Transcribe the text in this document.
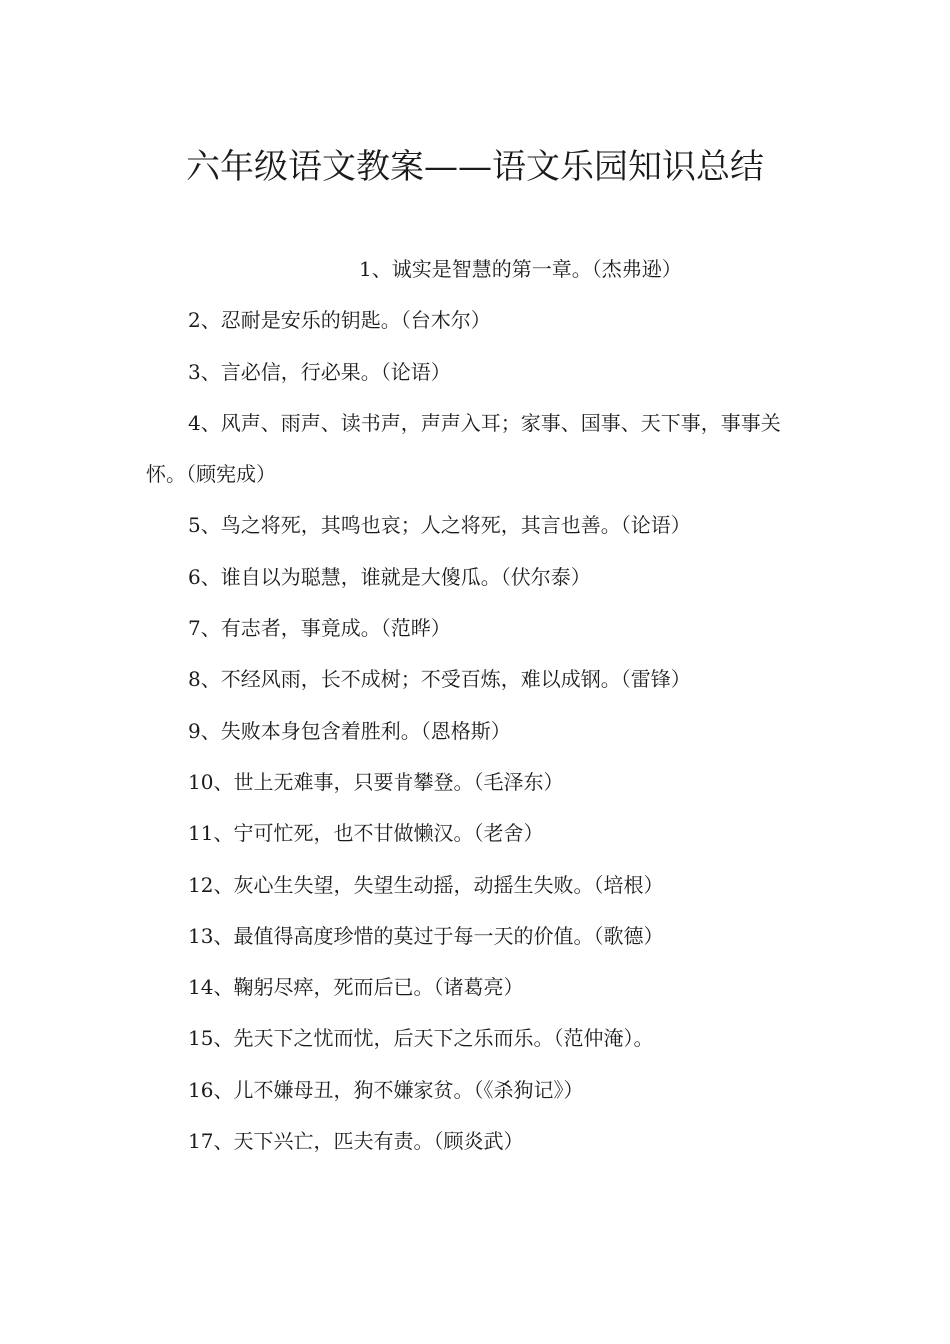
六年级语文教案——语文乐园知识总结
1、诚实是智慧的第一章。（杰弗逊）
2、忍耐是安乐的钥匙。（台木尔）
3、言必信，行必果。（论语）
4、风声、雨声、读书声，声声入耳；家事、国事、天下事，事事关怀。（顾宪成）
5、鸟之将死，其鸣也哀；人之将死，其言也善。（论语）
6、谁自以为聪慧，谁就是大傻瓜。（伏尔泰）
7、有志者，事竟成。（范晔）
8、不经风雨，长不成树；不受百炼，难以成钢。（雷锋）
9、失败本身包含着胜利。（恩格斯）
10、世上无难事，只要肯攀登。（毛泽东）
11、宁可忙死，也不甘做懒汉。（老舍）
12、灰心生失望，失望生动摇，动摇生失败。（培根）
13、最值得高度珍惜的莫过于每一天的价值。（歌德）
14、鞠躬尽瘁，死而后已。（诸葛亮）
15、先天下之忧而忧，后天下之乐而乐。（范仲淹）。
16、儿不嫌母丑，狗不嫌家贫。（《杀狗记》）
17、天下兴亡，匹夫有责。（顾炎武）
